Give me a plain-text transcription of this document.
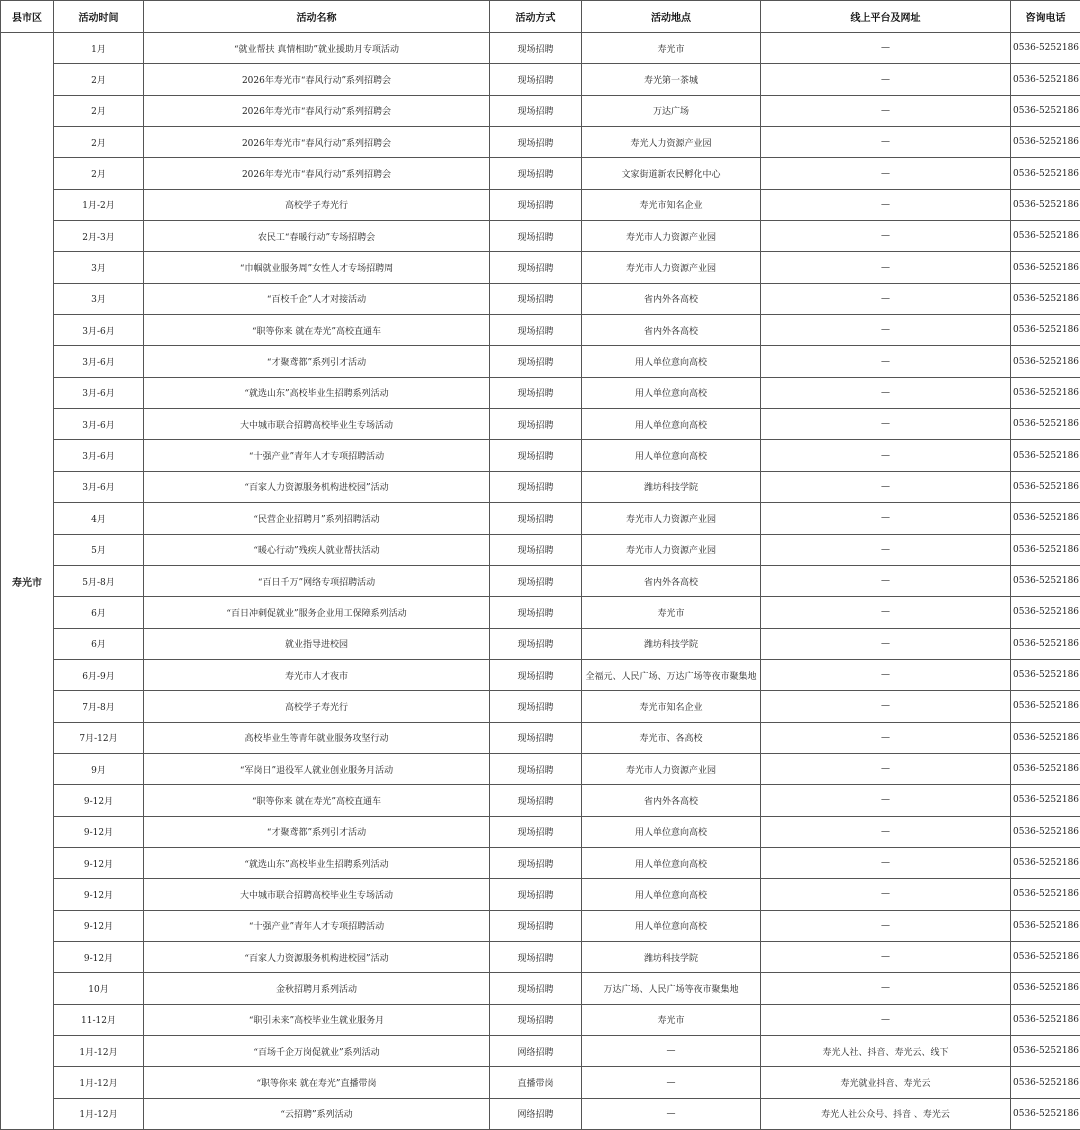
县市区	活动时间	活动名称	活动方式	活动地点	线上平台及网址	咨询电话
寿光市	1月	“就业帮扶 真情相助”就业援助月专项活动	现场招聘	寿光市	—	0536-5252186
	2月	2026年寿光市“春风行动”系列招聘会	现场招聘	寿光第一茶城	—	0536-5252186
	2月	2026年寿光市“春风行动”系列招聘会	现场招聘	万达广场	—	0536-5252186
	2月	2026年寿光市“春风行动”系列招聘会	现场招聘	寿光人力资源产业园	—	0536-5252186
	2月	2026年寿光市“春风行动”系列招聘会	现场招聘	文家街道新农民孵化中心	—	0536-5252186
	1月-2月	高校学子寿光行	现场招聘	寿光市知名企业	—	0536-5252186
	2月-3月	农民工“春暖行动”专场招聘会	现场招聘	寿光市人力资源产业园	—	0536-5252186
	3月	“巾帼就业服务周”女性人才专场招聘周	现场招聘	寿光市人力资源产业园	—	0536-5252186
	3月	“百校千企”人才对接活动	现场招聘	省内外各高校	—	0536-5252186
	3月-6月	“职等你来 就在寿光”高校直通车	现场招聘	省内外各高校	—	0536-5252186
	3月-6月	“才聚鸢都”系列引才活动	现场招聘	用人单位意向高校	—	0536-5252186
	3月-6月	“就选山东”高校毕业生招聘系列活动	现场招聘	用人单位意向高校	—	0536-5252186
	3月-6月	大中城市联合招聘高校毕业生专场活动	现场招聘	用人单位意向高校	—	0536-5252186
	3月-6月	“十强产业”青年人才专项招聘活动	现场招聘	用人单位意向高校	—	0536-5252186
	3月-6月	“百家人力资源服务机构进校园”活动	现场招聘	潍坊科技学院	—	0536-5252186
	4月	“民营企业招聘月”系列招聘活动	现场招聘	寿光市人力资源产业园	—	0536-5252186
	5月	“暖心行动”残疾人就业帮扶活动	现场招聘	寿光市人力资源产业园	—	0536-5252186
	5月-8月	“百日千万”网络专项招聘活动	现场招聘	省内外各高校	—	0536-5252186
	6月	“百日冲刺促就业”服务企业用工保障系列活动	现场招聘	寿光市	—	0536-5252186
	6月	就业指导进校园	现场招聘	潍坊科技学院	—	0536-5252186
	6月-9月	寿光市人才夜市	现场招聘	全福元、人民广场、万达广场等夜市聚集地	—	0536-5252186
	7月-8月	高校学子寿光行	现场招聘	寿光市知名企业	—	0536-5252186
	7月-12月	高校毕业生等青年就业服务攻坚行动	现场招聘	寿光市、各高校	—	0536-5252186
	9月	“军岗日”退役军人就业创业服务月活动	现场招聘	寿光市人力资源产业园	—	0536-5252186
	9-12月	“职等你来 就在寿光”高校直通车	现场招聘	省内外各高校	—	0536-5252186
	9-12月	“才聚鸢都”系列引才活动	现场招聘	用人单位意向高校	—	0536-5252186
	9-12月	“就选山东”高校毕业生招聘系列活动	现场招聘	用人单位意向高校	—	0536-5252186
	9-12月	大中城市联合招聘高校毕业生专场活动	现场招聘	用人单位意向高校	—	0536-5252186
	9-12月	“十强产业”青年人才专项招聘活动	现场招聘	用人单位意向高校	—	0536-5252186
	9-12月	“百家人力资源服务机构进校园”活动	现场招聘	潍坊科技学院	—	0536-5252186
	10月	金秋招聘月系列活动	现场招聘	万达广场、人民广场等夜市聚集地	—	0536-5252186
	11-12月	“职引未来”高校毕业生就业服务月	现场招聘	寿光市	—	0536-5252186
	1月-12月	“百场千企万岗促就业”系列活动	网络招聘	—	寿光人社、抖音、寿光云、线下	0536-5252186
	1月-12月	“职等你来 就在寿光”直播带岗	直播带岗	—	寿光就业抖音、寿光云	0536-5252186
	1月-12月	“云招聘”系列活动	网络招聘	—	寿光人社公众号、抖音 、寿光云	0536-5252186
